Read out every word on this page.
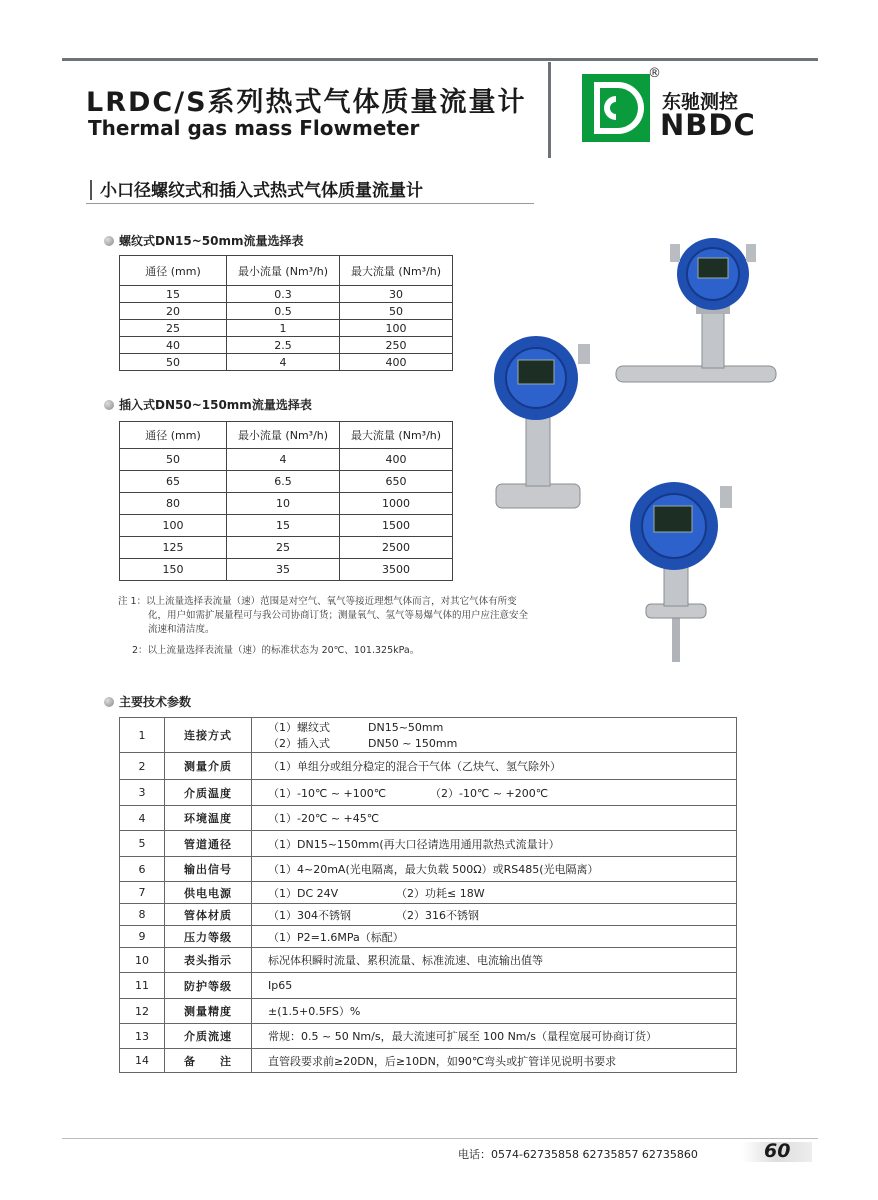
LRDC/S系列热式气体质量流量计
Thermal gas mass Flowmeter
®
东驰测控
NBDC
小口径螺纹式和插入式热式气体质量流量计
螺纹式DN15~50mm流量选择表
通径 (mm)	最小流量 (Nm³/h)	最大流量 (Nm³/h)
15	0.3	30
20	0.5	50
25	1	100
40	2.5	250
50	4	400
插入式DN50~150mm流量选择表
通径 (mm)	最小流量 (Nm³/h)	最大流量 (Nm³/h)
50	4	400
65	6.5	650
80	10	1000
100	15	1500
125	25	2500
150	35	3500
注 1：以上流量选择表流量（速）范围是对空气、氧气等接近理想气体而言，对其它气体有所变
化，用户如需扩展量程可与我公司协商订货；测量氧气、氢气等易爆气体的用户应注意安全
流速和清洁度。
2：以上流量选择表流量（速）的标准状态为 20℃、101.325kPa。
主要技术参数
1	连接方式	（1）螺纹式 DN15~50mm
（2）插入式 DN50 ~ 150mm

2	测量介质	（1）单组分或组分稳定的混合干气体（乙炔气、氢气除外）
3	介质温度	（1）-10℃ ~ +100℃ （2）-10℃ ~ +200℃
4	环境温度	（1）-20℃ ~ +45℃
5	管道通径	（1）DN15~150mm(再大口径请选用通用款热式流量计）
6	输出信号	（1）4~20mA(光电隔离，最大负载 500Ω）或RS485(光电隔离）
7	供电电源	（1）DC 24V （2）功耗≤ 18W
8	管体材质	（1）304不锈钢 （2）316不锈钢
9	压力等级	（1）P2=1.6MPa（标配）
10	表头指示	标况体积瞬时流量、累积流量、标准流速、电流输出值等
11	防护等级	Ip65
12	测量精度	±(1.5+0.5FS）%
13	介质流速	常规：0.5 ~ 50 Nm/s，最大流速可扩展至 100 Nm/s（量程宽展可协商订货）
14	备　　注	直管段要求前≥20DN，后≥10DN，如90℃弯头或扩管详见说明书要求
电话：0574-62735858 62735857 62735860	60
